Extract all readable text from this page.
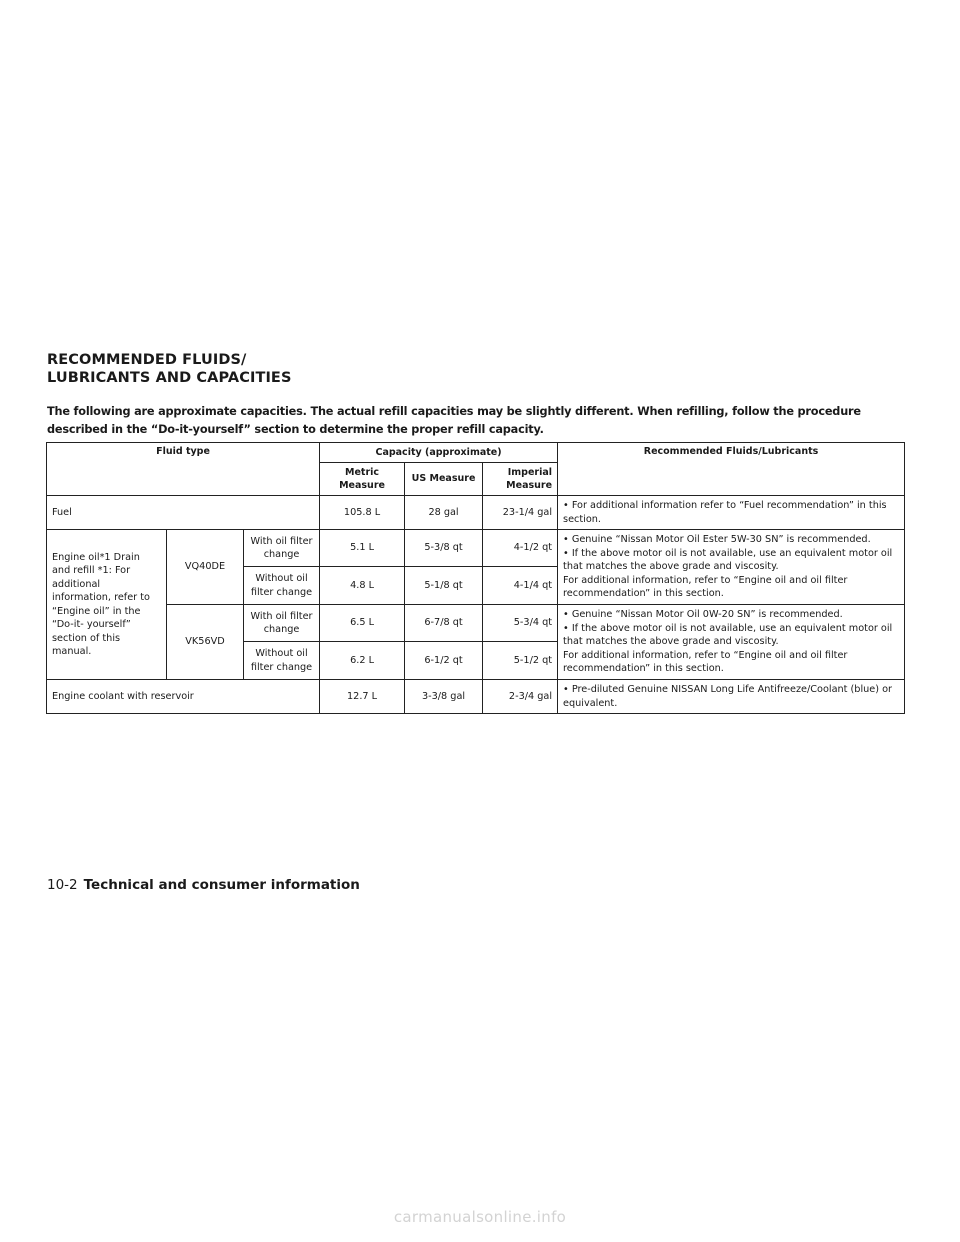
RECOMMENDED FLUIDS/
LUBRICANTS AND CAPACITIES

The following are approximate capacities. The actual refill capacities may be slightly different. When refilling, follow the procedure described in the “Do-it-yourself” section to determine the proper refill capacity.

Fluid type			Capacity (approximate)			Recommended Fluids/Lubricants
			Metric Measure	US Measure	Imperial Measure	
Fuel			105.8 L	28 gal	23-1/4 gal	• For additional information refer to “Fuel recommendation” in this section.
Engine oil*1 Drain and refill *1: For additional information, refer to “Engine oil” in the “Do-it- yourself” section of this manual.	VQ40DE	With oil filter change	5.1 L	5-3/8 qt	4-1/2 qt	• Genuine “Nissan Motor Oil Ester 5W-30 SN” is recommended.

• If the above motor oil is not available, use an equivalent motor oil that matches the above grade and viscosity.

For additional information, refer to “Engine oil and oil filter recommendation” in this section.

		Without oil filter change	4.8 L	5-1/8 qt	4-1/4 qt	
	VK56VD	With oil filter change	6.5 L	6-7/8 qt	5-3/4 qt	• Genuine “Nissan Motor Oil 0W-20 SN” is recommended.

• If the above motor oil is not available, use an equivalent motor oil that matches the above grade and viscosity.

For additional information, refer to “Engine oil and oil filter recommendation” in this section.

		Without oil filter change	6.2 L	6-1/2 qt	5-1/2 qt	
Engine coolant with reservoir			12.7 L	3-3/8 gal	2-3/4 gal	• Pre-diluted Genuine NISSAN Long Life Antifreeze/Coolant (blue) or equivalent.
10-2 Technical and consumer information
carmanualsonline.info
